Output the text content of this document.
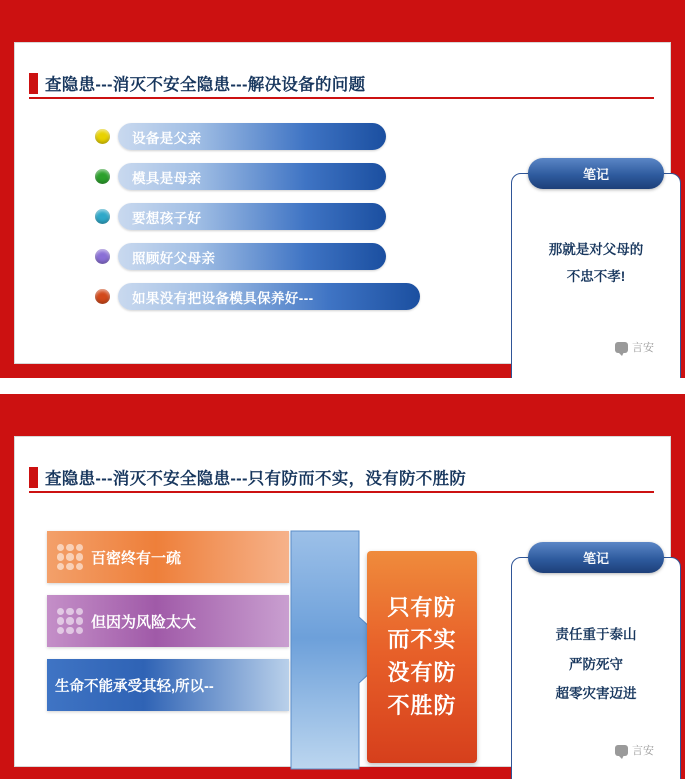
查隐患---消灭不安全隐患---解决设备的问题
设备是父亲
模具是母亲
要想孩子好
照顾好父母亲
如果没有把设备模具保养好---
笔记
那就是对父母的
不忠不孝!
言安
查隐患---消灭不安全隐患---只有防而不实，没有防不胜防
百密终有一疏
但因为风险太大
生命不能承受其轻,所以--
只有防
而不实
没有防
不胜防
笔记
责任重于泰山
严防死守
超零灾害迈进
言安
